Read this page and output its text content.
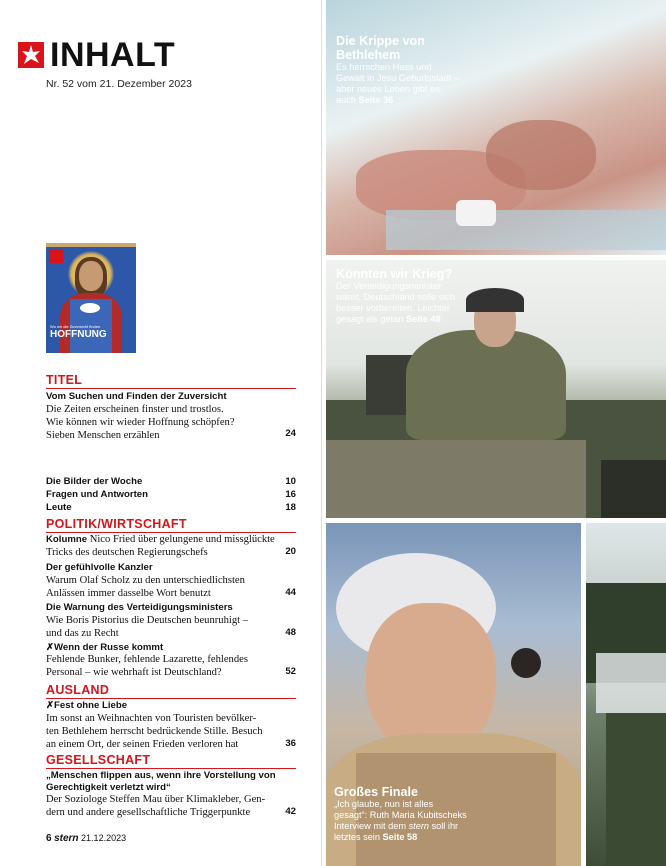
INHALT
Nr. 52 vom 21. Dezember 2023
Wo wir die Zuversicht finden
HOFFNUNG
TITEL
Vom Suchen und Finden der Zuversicht
Die Zeiten erscheinen finster und trostlos.
Wie können wir wieder Hoffnung schöpfen?
Sieben Menschen erzählen	24
Die Bilder der Woche	10
Fragen und Antworten	16
Leute	18
POLITIK/WIRTSCHAFT
Kolumne Nico Fried über gelungene und missglückte
Tricks des deutschen Regierungschefs	20
Der gefühlvolle Kanzler
Warum Olaf Scholz zu den unterschiedlichsten
Anlässen immer dasselbe Wort benutzt	44
Die Warnung des Verteidigungsministers
Wie Boris Pistorius die Deutschen beunruhigt –
und das zu Recht	48
✗Wenn der Russe kommt
Fehlende Bunker, fehlende Lazarette, fehlendes
Personal – wie wehrhaft ist Deutschland?	52
AUSLAND
✗Fest ohne Liebe
Im sonst an Weihnachten von Touristen bevölker-
ten Bethlehem herrscht bedrückende Stille. Besuch
an einem Ort, der seinen Frieden verloren hat	36
GESELLSCHAFT
„Menschen flippen aus, wenn ihre Vorstellung von
Gerechtigkeit verletzt wird“
Der Soziologe Steffen Mau über Klimakleber, Gen-
dern und andere gesellschaftliche Triggerpunkte	42
6 stern 21.12.2023
Die Krippe von
Bethlehem
Es herrschen Hass und
Gewalt in Jesu Geburtsstadt –
aber neues Leben gibt es
auch Seite 36
Könnten wir Krieg?
Der Verteidigungsminister
warnt, Deutschland solle sich
besser vorbereiten. Leichter
gesagt als getan Seite 48
Großes Finale
„Ich glaube, nun ist alles
gesagt“: Ruth Maria Kubitscheks
Interview mit dem stern soll ihr
letztes sein Seite 58
